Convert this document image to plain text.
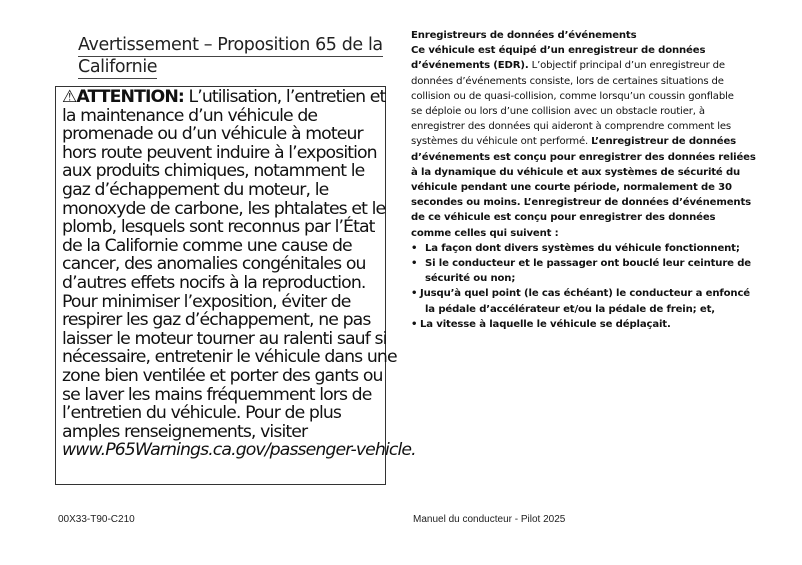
Avertissement – Proposition 65 de la
Californie
⚠ATTENTION: L’utilisation, l’entretien et
la maintenance d’un véhicule de
promenade ou d’un véhicule à moteur
hors route peuvent induire à l’exposition
aux produits chimiques, notamment le
gaz d’échappement du moteur, le
monoxyde de carbone, les phtalates et le
plomb, lesquels sont reconnus par l’État
de la Californie comme une cause de
cancer, des anomalies congénitales ou
d’autres effets nocifs à la reproduction.
Pour minimiser l’exposition, éviter de
respirer les gaz d’échappement, ne pas
laisser le moteur tourner au ralenti sauf si
nécessaire, entretenir le véhicule dans une
zone bien ventilée et porter des gants ou
se laver les mains fréquemment lors de
l’entretien du véhicule. Pour de plus
amples renseignements, visiter
www.P65Warnings.ca.gov/passenger-vehicle.
Enregistreurs de données d’événements
Ce véhicule est équipé d’un enregistreur de données
d’événements (EDR). L’objectif principal d’un enregistreur de
données d’événements consiste, lors de certaines situations de
collision ou de quasi-collision, comme lorsqu’un coussin gonflable
se déploie ou lors d’une collision avec un obstacle routier, à
enregistrer des données qui aideront à comprendre comment les
systèmes du véhicule ont performé. L’enregistreur de données
d’événements est conçu pour enregistrer des données reliées
à la dynamique du véhicule et aux systèmes de sécurité du
véhicule pendant une courte période, normalement de 30
secondes ou moins. L’enregistreur de données d’événements
de ce véhicule est conçu pour enregistrer des données
comme celles qui suivent :
• La façon dont divers systèmes du véhicule fonctionnent;
• Si le conducteur et le passager ont bouclé leur ceinture de
sécurité ou non;
• Jusqu’à quel point (le cas échéant) le conducteur a enfoncé
la pédale d’accélérateur et/ou la pédale de frein; et,
• La vitesse à laquelle le véhicule se déplaçait.
00X33-T90-C210	Manuel du conducteur - Pilot 2025
